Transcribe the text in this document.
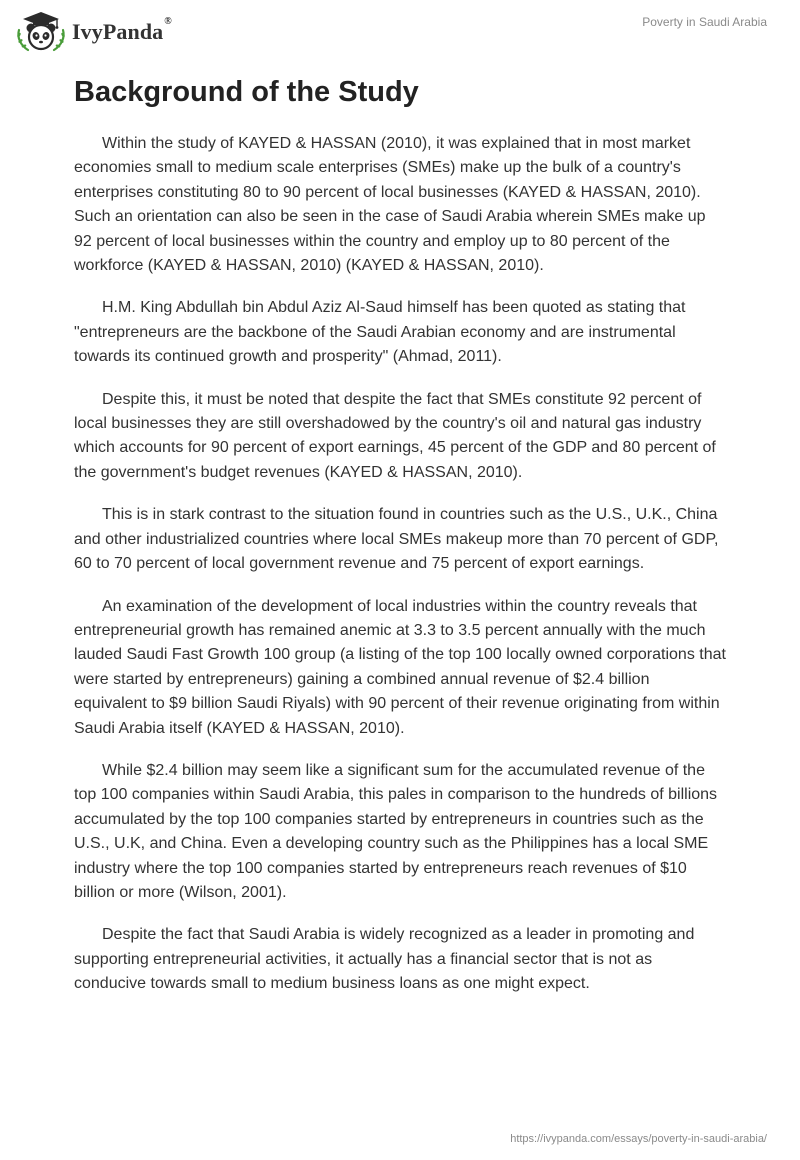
IvyPanda®	Poverty in Saudi Arabia
Background of the Study

Within the study of KAYED & HASSAN (2010), it was explained that in most market economies small to medium scale enterprises (SMEs) make up the bulk of a country's enterprises constituting 80 to 90 percent of local businesses (KAYED & HASSAN, 2010). Such an orientation can also be seen in the case of Saudi Arabia wherein SMEs make up 92 percent of local businesses within the country and employ up to 80 percent of the workforce (KAYED & HASSAN, 2010) (KAYED & HASSAN, 2010).

H.M. King Abdullah bin Abdul Aziz Al-Saud himself has been quoted as stating that "entrepreneurs are the backbone of the Saudi Arabian economy and are instrumental towards its continued growth and prosperity" (Ahmad, 2011).

Despite this, it must be noted that despite the fact that SMEs constitute 92 percent of local businesses they are still overshadowed by the country's oil and natural gas industry which accounts for 90 percent of export earnings, 45 percent of the GDP and 80 percent of the government's budget revenues (KAYED & HASSAN, 2010).

This is in stark contrast to the situation found in countries such as the U.S., U.K., China and other industrialized countries where local SMEs makeup more than 70 percent of GDP, 60 to 70 percent of local government revenue and 75 percent of export earnings.

An examination of the development of local industries within the country reveals that entrepreneurial growth has remained anemic at 3.3 to 3.5 percent annually with the much lauded Saudi Fast Growth 100 group (a listing of the top 100 locally owned corporations that were started by entrepreneurs) gaining a combined annual revenue of $2.4 billion equivalent to $9 billion Saudi Riyals) with 90 percent of their revenue originating from within Saudi Arabia itself (KAYED & HASSAN, 2010).

While $2.4 billion may seem like a significant sum for the accumulated revenue of the top 100 companies within Saudi Arabia, this pales in comparison to the hundreds of billions accumulated by the top 100 companies started by entrepreneurs in countries such as the U.S., U.K, and China. Even a developing country such as the Philippines has a local SME industry where the top 100 companies started by entrepreneurs reach revenues of $10 billion or more (Wilson, 2001).

Despite the fact that Saudi Arabia is widely recognized as a leader in promoting and supporting entrepreneurial activities, it actually has a financial sector that is not as conducive towards small to medium business loans as one might expect.

https://ivypanda.com/essays/poverty-in-saudi-arabia/
